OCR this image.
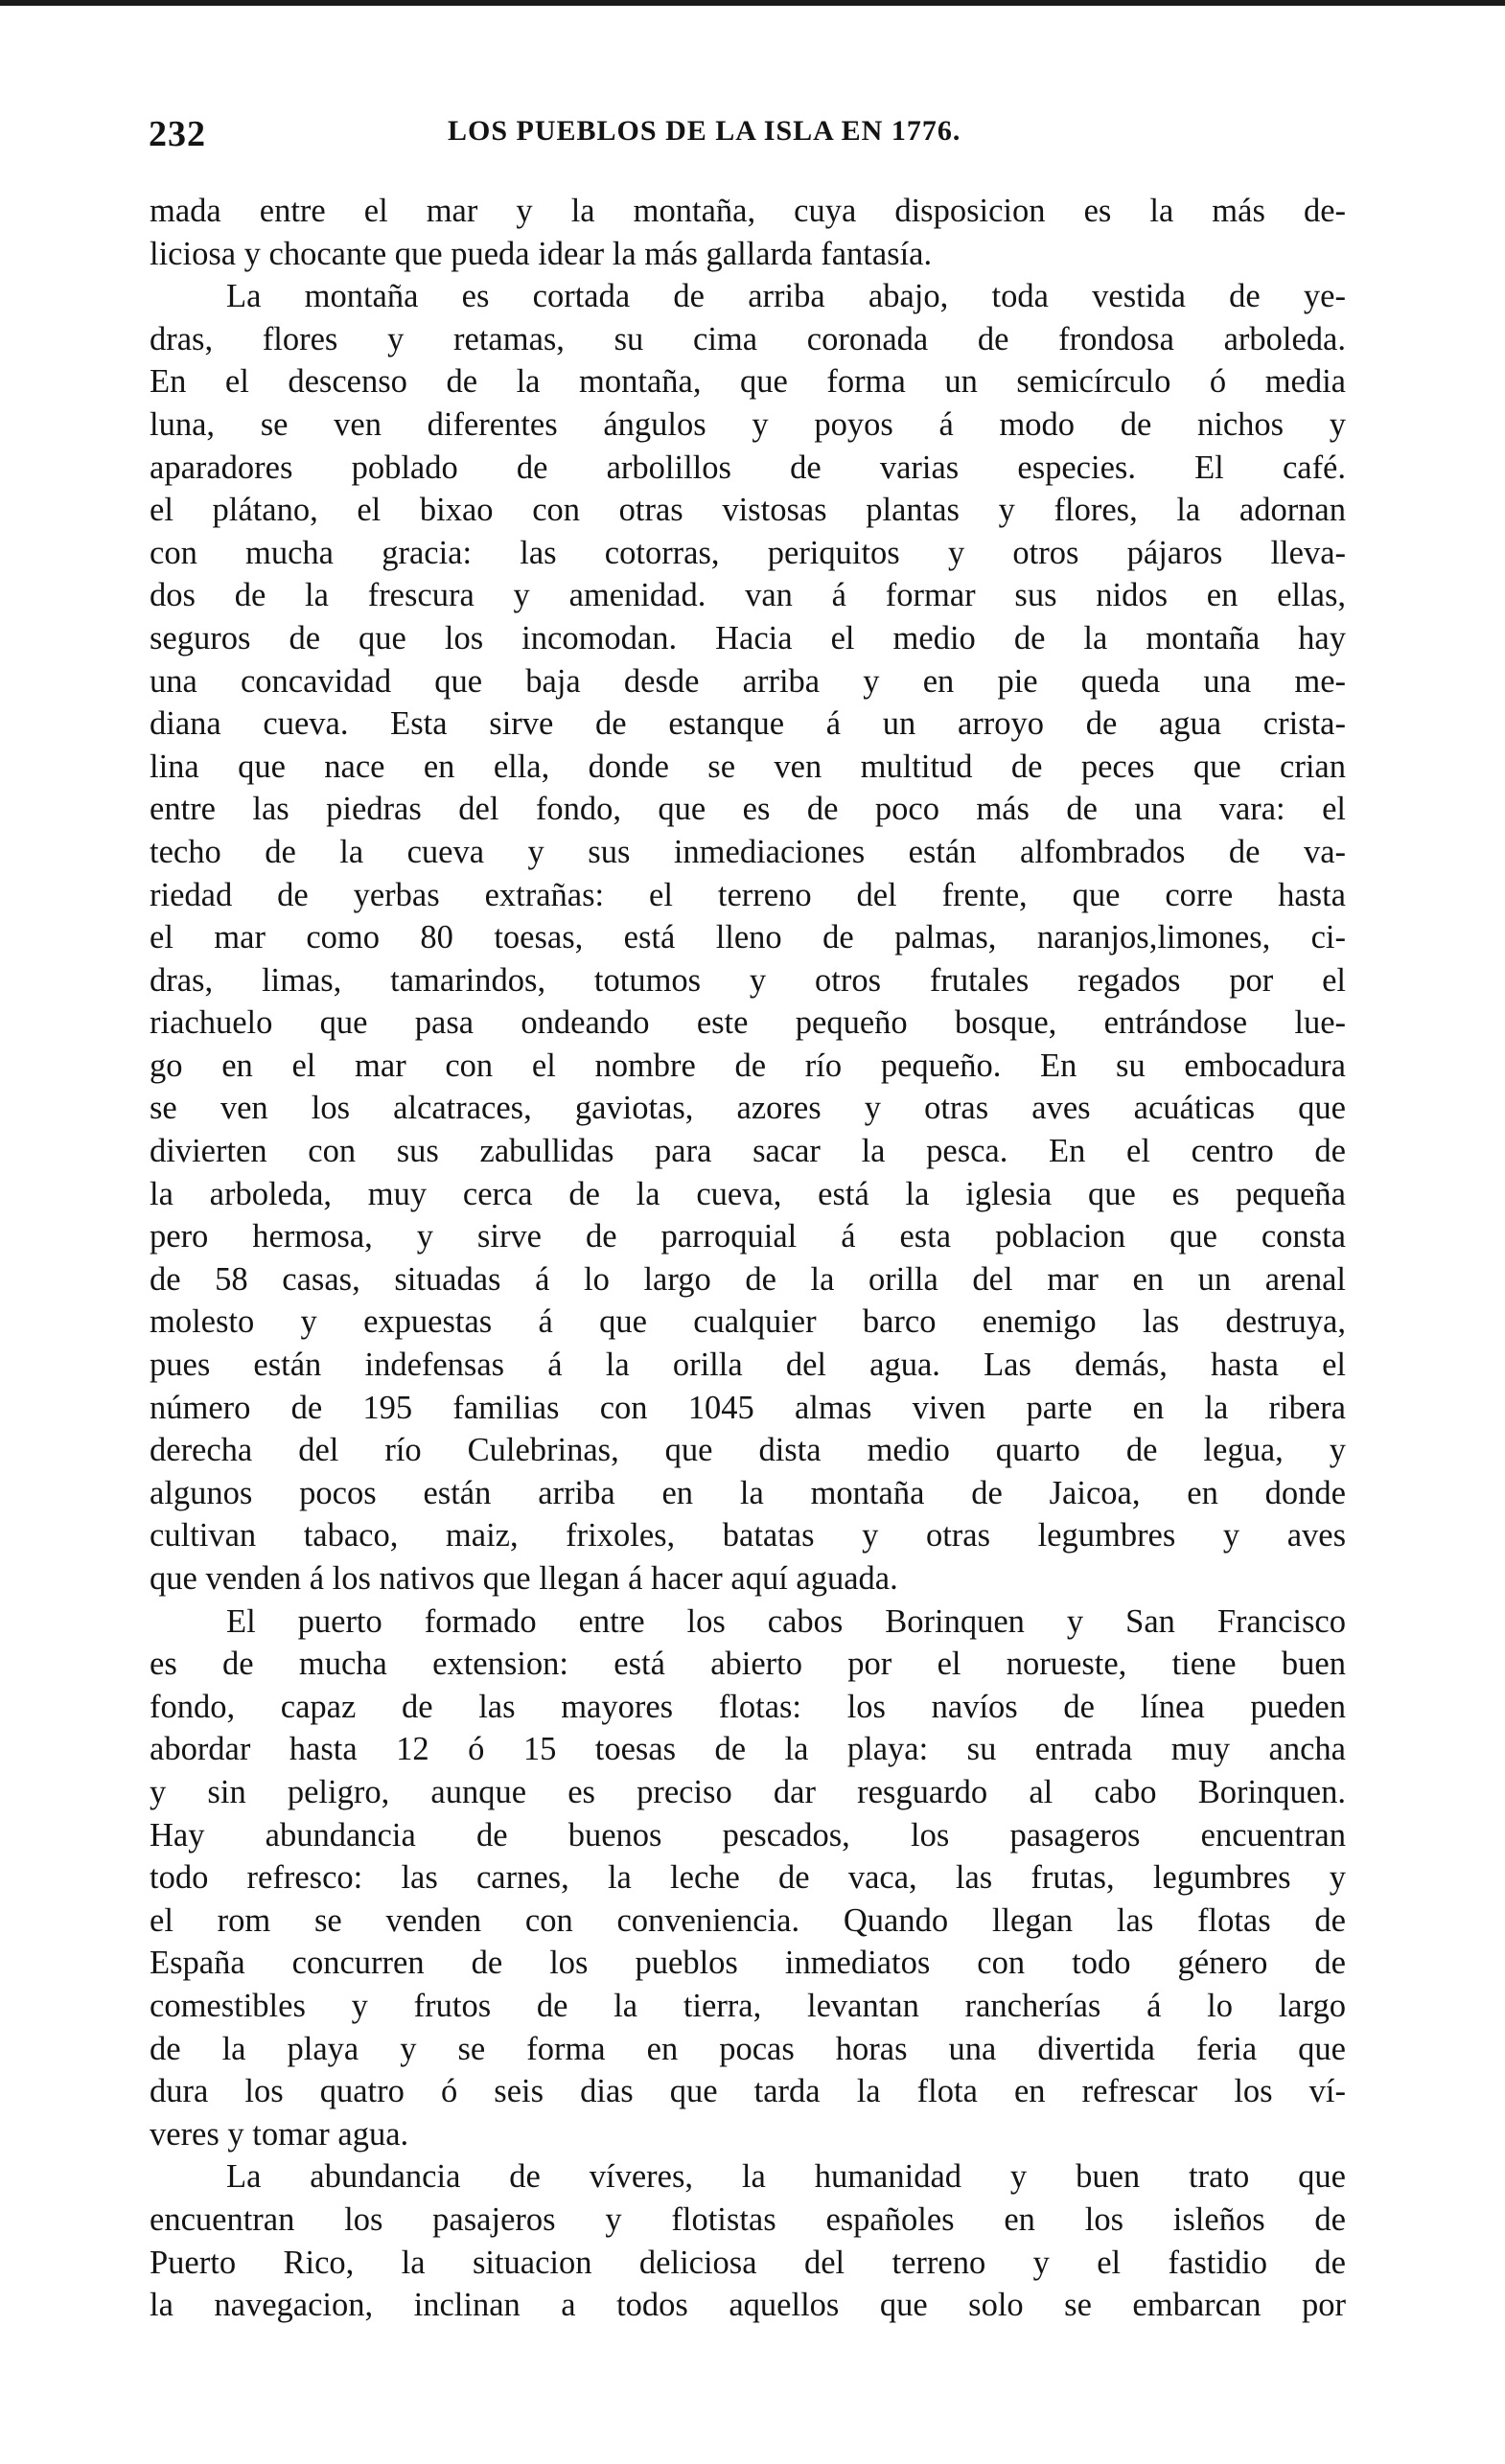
232	LOS PUEBLOS DE LA ISLA EN 1776.
mada entre el mar y la montaña, cuya disposicion es la más de-
liciosa y chocante que pueda idear la más gallarda fantasía.
La montaña es cortada de arriba abajo, toda vestida de ye-
dras, flores y retamas, su cima coronada de frondosa arboleda.
En el descenso de la montaña, que forma un semicírculo ó media
luna, se ven diferentes ángulos y poyos á modo de nichos y
aparadores poblado de arbolillos de varias especies. El café.
el plátano, el bixao con otras vistosas plantas y flores, la adornan
con mucha gracia: las cotorras, periquitos y otros pájaros lleva-
dos de la frescura y amenidad. van á formar sus nidos en ellas,
seguros de que los incomodan. Hacia el medio de la montaña hay
una concavidad que baja desde arriba y en pie queda una me-
diana cueva. Esta sirve de estanque á un arroyo de agua crista-
lina que nace en ella, donde se ven multitud de peces que crian
entre las piedras del fondo, que es de poco más de una vara: el
techo de la cueva y sus inmediaciones están alfombrados de va-
riedad de yerbas extrañas: el terreno del frente, que corre hasta
el mar como 80 toesas, está lleno de palmas, naranjos,limones, ci-
dras, limas, tamarindos, totumos y otros frutales regados por el
riachuelo que pasa ondeando este pequeño bosque, entrándose lue-
go en el mar con el nombre de río pequeño. En su embocadura
se ven los alcatraces, gaviotas, azores y otras aves acuáticas que
divierten con sus zabullidas para sacar la pesca. En el centro de
la arboleda, muy cerca de la cueva, está la iglesia que es pequeña
pero hermosa, y sirve de parroquial á esta poblacion que consta
de 58 casas, situadas á lo largo de la orilla del mar en un arenal
molesto y expuestas á que cualquier barco enemigo las destruya,
pues están indefensas á la orilla del agua. Las demás, hasta el
número de 195 familias con 1045 almas viven parte en la ribera
derecha del río Culebrinas, que dista medio quarto de legua, y
algunos pocos están arriba en la montaña de Jaicoa, en donde
cultivan tabaco, maiz, frixoles, batatas y otras legumbres y aves
que venden á los nativos que llegan á hacer aquí aguada.
El puerto formado entre los cabos Borinquen y San Francisco
es de mucha extension: está abierto por el norueste, tiene buen
fondo, capaz de las mayores flotas: los navíos de línea pueden
abordar hasta 12 ó 15 toesas de la playa: su entrada muy ancha
y sin peligro, aunque es preciso dar resguardo al cabo Borinquen.
Hay abundancia de buenos pescados, los pasageros encuentran
todo refresco: las carnes, la leche de vaca, las frutas, legumbres y
el rom se venden con conveniencia. Quando llegan las flotas de
España concurren de los pueblos inmediatos con todo género de
comestibles y frutos de la tierra, levantan rancherías á lo largo
de la playa y se forma en pocas horas una divertida feria que
dura los quatro ó seis dias que tarda la flota en refrescar los ví-
veres y tomar agua.
La abundancia de víveres, la humanidad y buen trato que
encuentran los pasajeros y flotistas españoles en los isleños de
Puerto Rico, la situacion deliciosa del terreno y el fastidio de
la navegacion, inclinan a todos aquellos que solo se embarcan por
